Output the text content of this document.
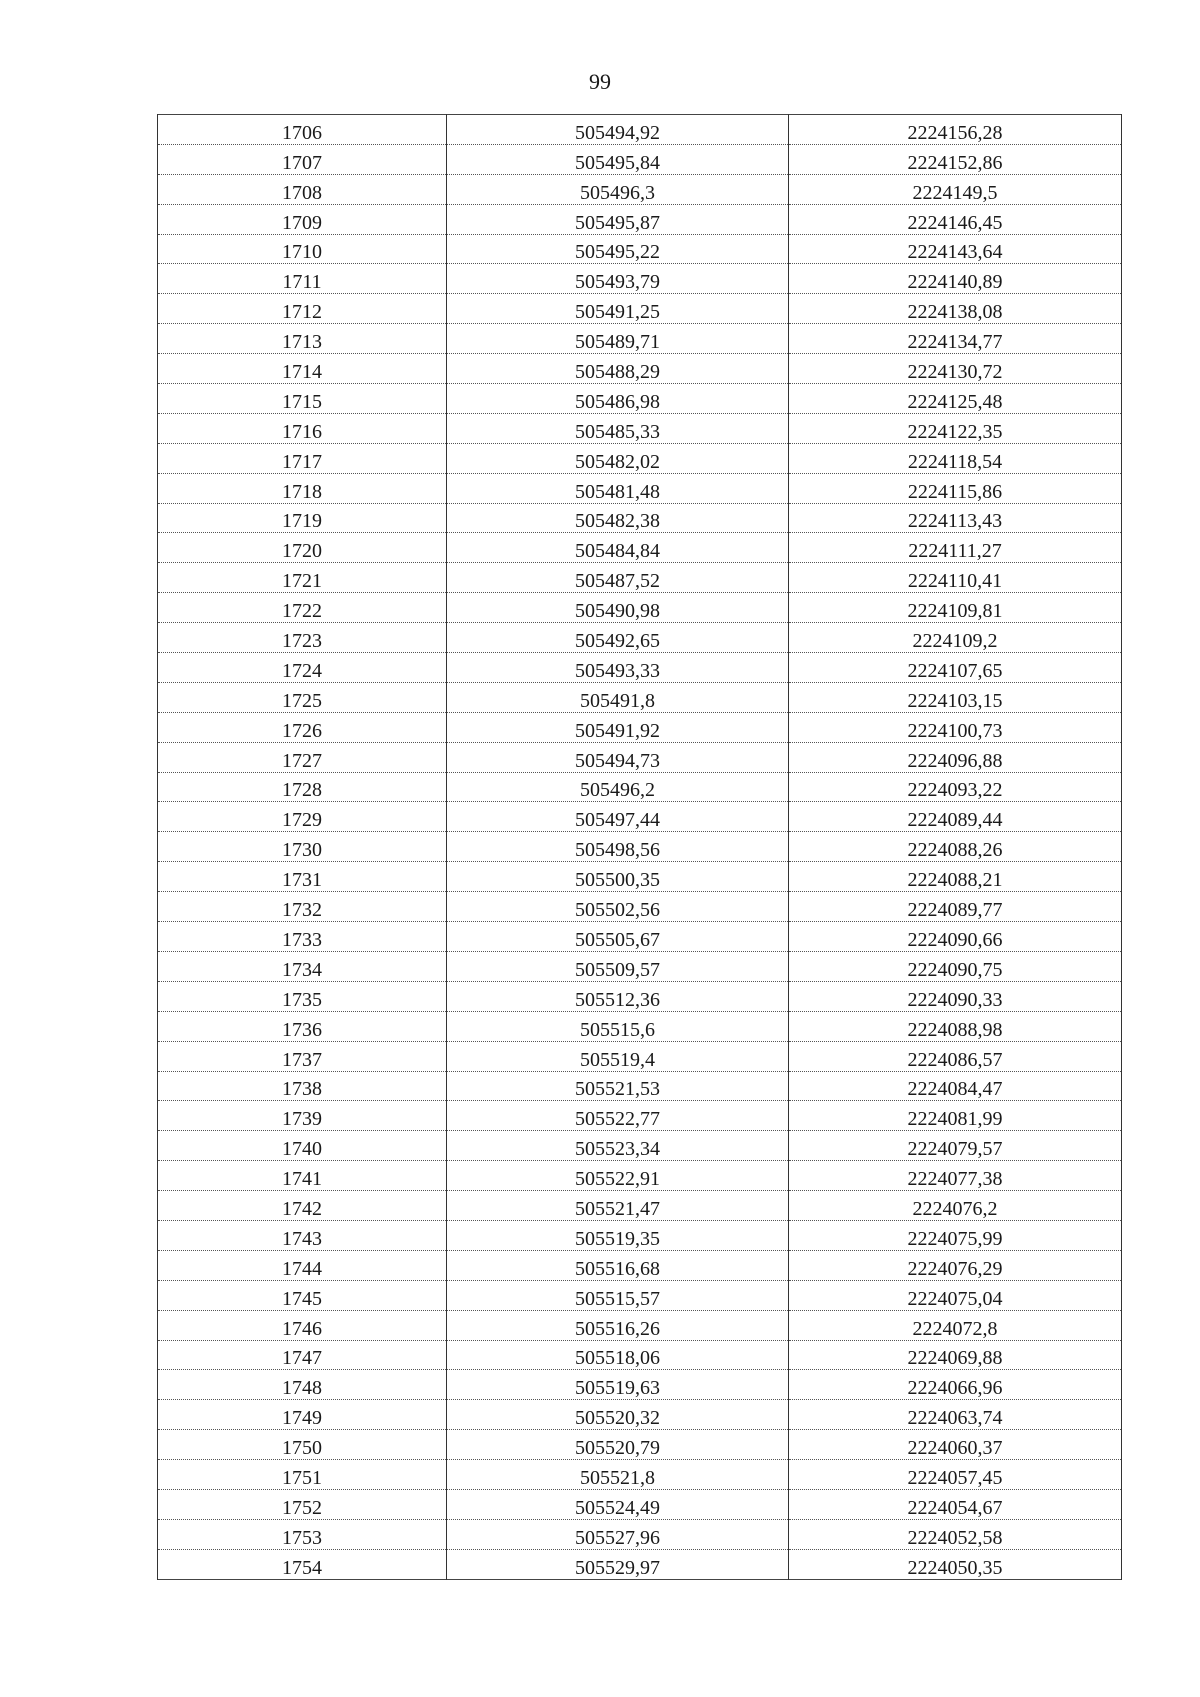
99
1706	505494,92	2224156,28
1707	505495,84	2224152,86
1708	505496,3	2224149,5
1709	505495,87	2224146,45
1710	505495,22	2224143,64
1711	505493,79	2224140,89
1712	505491,25	2224138,08
1713	505489,71	2224134,77
1714	505488,29	2224130,72
1715	505486,98	2224125,48
1716	505485,33	2224122,35
1717	505482,02	2224118,54
1718	505481,48	2224115,86
1719	505482,38	2224113,43
1720	505484,84	2224111,27
1721	505487,52	2224110,41
1722	505490,98	2224109,81
1723	505492,65	2224109,2
1724	505493,33	2224107,65
1725	505491,8	2224103,15
1726	505491,92	2224100,73
1727	505494,73	2224096,88
1728	505496,2	2224093,22
1729	505497,44	2224089,44
1730	505498,56	2224088,26
1731	505500,35	2224088,21
1732	505502,56	2224089,77
1733	505505,67	2224090,66
1734	505509,57	2224090,75
1735	505512,36	2224090,33
1736	505515,6	2224088,98
1737	505519,4	2224086,57
1738	505521,53	2224084,47
1739	505522,77	2224081,99
1740	505523,34	2224079,57
1741	505522,91	2224077,38
1742	505521,47	2224076,2
1743	505519,35	2224075,99
1744	505516,68	2224076,29
1745	505515,57	2224075,04
1746	505516,26	2224072,8
1747	505518,06	2224069,88
1748	505519,63	2224066,96
1749	505520,32	2224063,74
1750	505520,79	2224060,37
1751	505521,8	2224057,45
1752	505524,49	2224054,67
1753	505527,96	2224052,58
1754	505529,97	2224050,35
